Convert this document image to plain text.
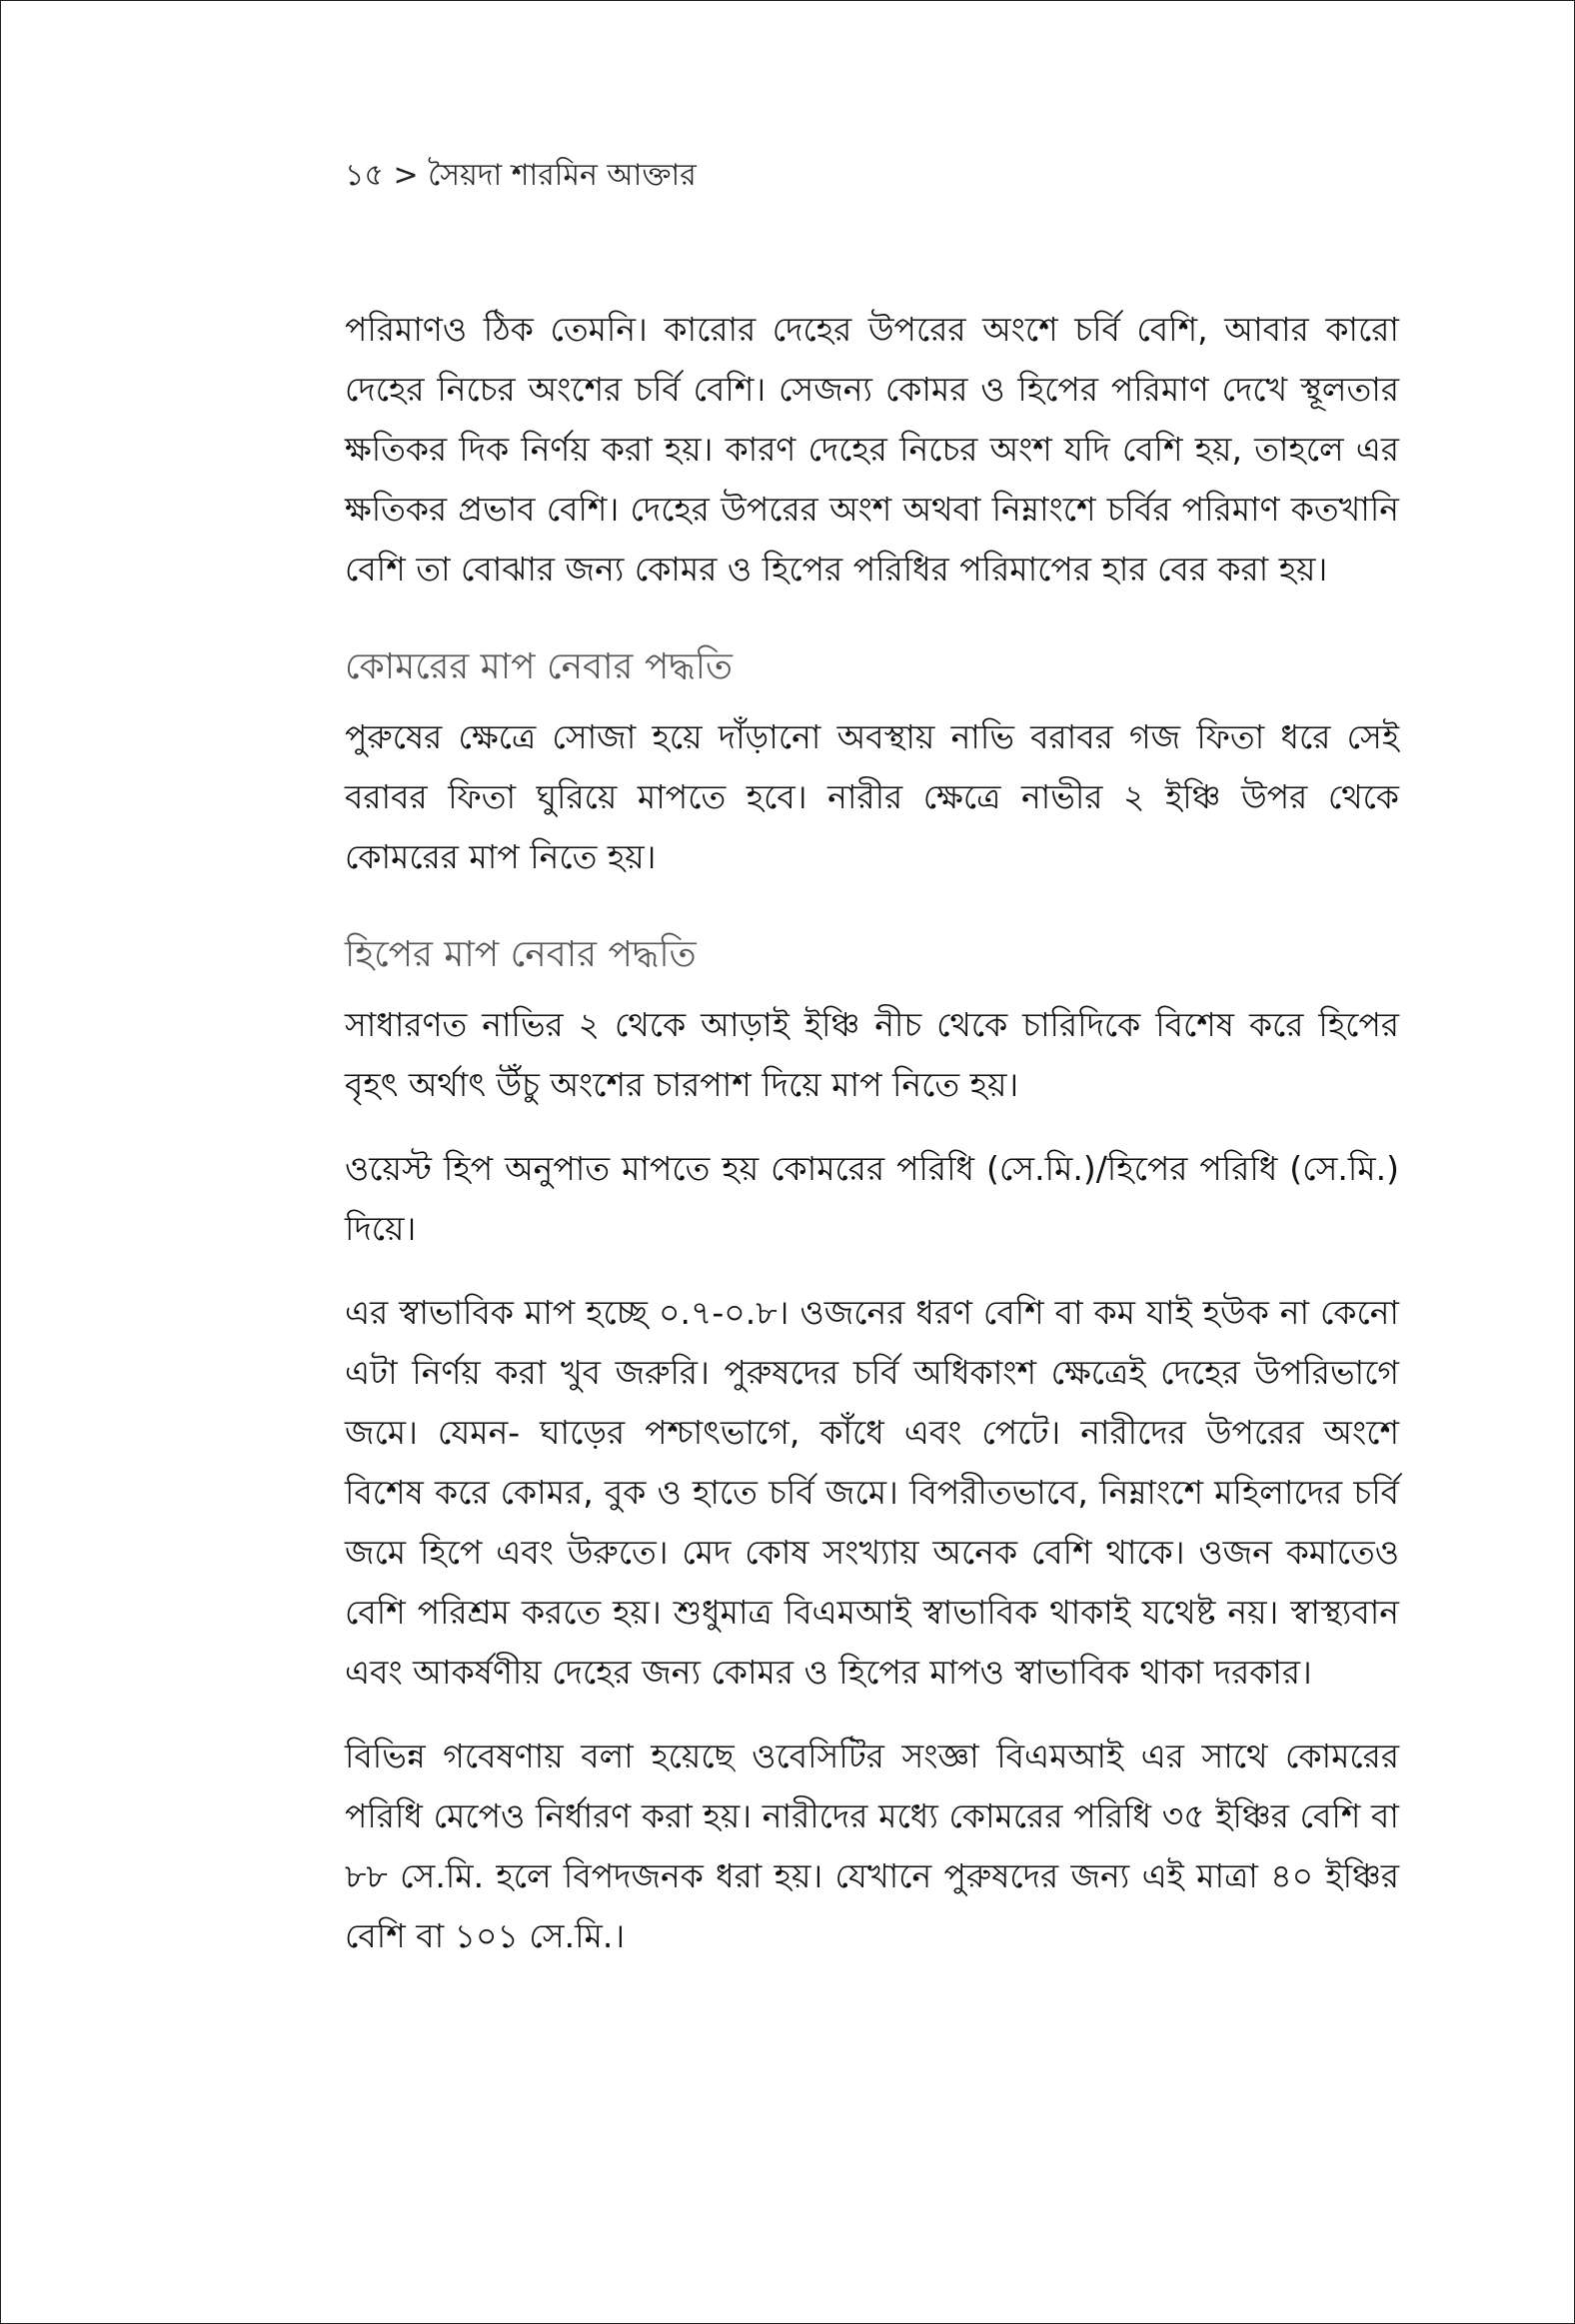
১৫ > সৈয়দা শারমিন আক্তার

পরিমাণও ঠিক তেমনি। কারোর দেহের উপরের অংশে চর্বি বেশি, আবার কারো দেহের নিচের অংশের চর্বি বেশি। সেজন্য কোমর ও হিপের পরিমাণ দেখে স্থূলতার ক্ষতিকর দিক নির্ণয় করা হয়। কারণ দেহের নিচের অংশ যদি বেশি হয়, তাহলে এর ক্ষতিকর প্রভাব বেশি। দেহের উপরের অংশ অথবা নিম্নাংশে চর্বির পরিমাণ কতখানি বেশি তা বোঝার জন্য কোমর ও হিপের পরিধির পরিমাপের হার বের করা হয়।

কোমরের মাপ নেবার পদ্ধতি

পুরুষের ক্ষেত্রে সোজা হয়ে দাঁড়ানো অবস্থায় নাভি বরাবর গজ ফিতা ধরে সেই বরাবর ফিতা ঘুরিয়ে মাপতে হবে। নারীর ক্ষেত্রে নাভীর ২ ইঞ্চি উপর থেকে কোমরের মাপ নিতে হয়।

হিপের মাপ নেবার পদ্ধতি

সাধারণত নাভির ২ থেকে আড়াই ইঞ্চি নীচ থেকে চারিদিকে বিশেষ করে হিপের বৃহৎ অর্থাৎ উঁচু অংশের চারপাশ দিয়ে মাপ নিতে হয়।

ওয়েস্ট হিপ অনুপাত মাপতে হয় কোমরের পরিধি (সে.মি.)/হিপের পরিধি (সে.মি.) দিয়ে।

এর স্বাভাবিক মাপ হচ্ছে ০.৭-০.৮। ওজনের ধরণ বেশি বা কম যাই হউক না কেনো এটা নির্ণয় করা খুব জরুরি। পুরুষদের চর্বি অধিকাংশ ক্ষেত্রেই দেহের উপরিভাগে জমে। যেমন- ঘাড়ের পশ্চাৎভাগে, কাঁধে এবং পেটে। নারীদের উপরের অংশে বিশেষ করে কোমর, বুক ও হাতে চর্বি জমে। বিপরীতভাবে, নিম্নাংশে মহিলাদের চর্বি জমে হিপে এবং উরুতে। মেদ কোষ সংখ্যায় অনেক বেশি থাকে। ওজন কমাতেও বেশি পরিশ্রম করতে হয়। শুধুমাত্র বিএমআই স্বাভাবিক থাকাই যথেষ্ট নয়। স্বাস্থ্যবান এবং আকর্ষণীয় দেহের জন্য কোমর ও হিপের মাপও স্বাভাবিক থাকা দরকার।

বিভিন্ন গবেষণায় বলা হয়েছে ওবেসিটির সংজ্ঞা বিএমআই এর সাথে কোমরের পরিধি মেপেও নির্ধারণ করা হয়। নারীদের মধ্যে কোমরের পরিধি ৩৫ ইঞ্চির বেশি বা ৮৮ সে.মি. হলে বিপদজনক ধরা হয়। যেখানে পুরুষদের জন্য এই মাত্রা ৪০ ইঞ্চির বেশি বা ১০১ সে.মি.।
